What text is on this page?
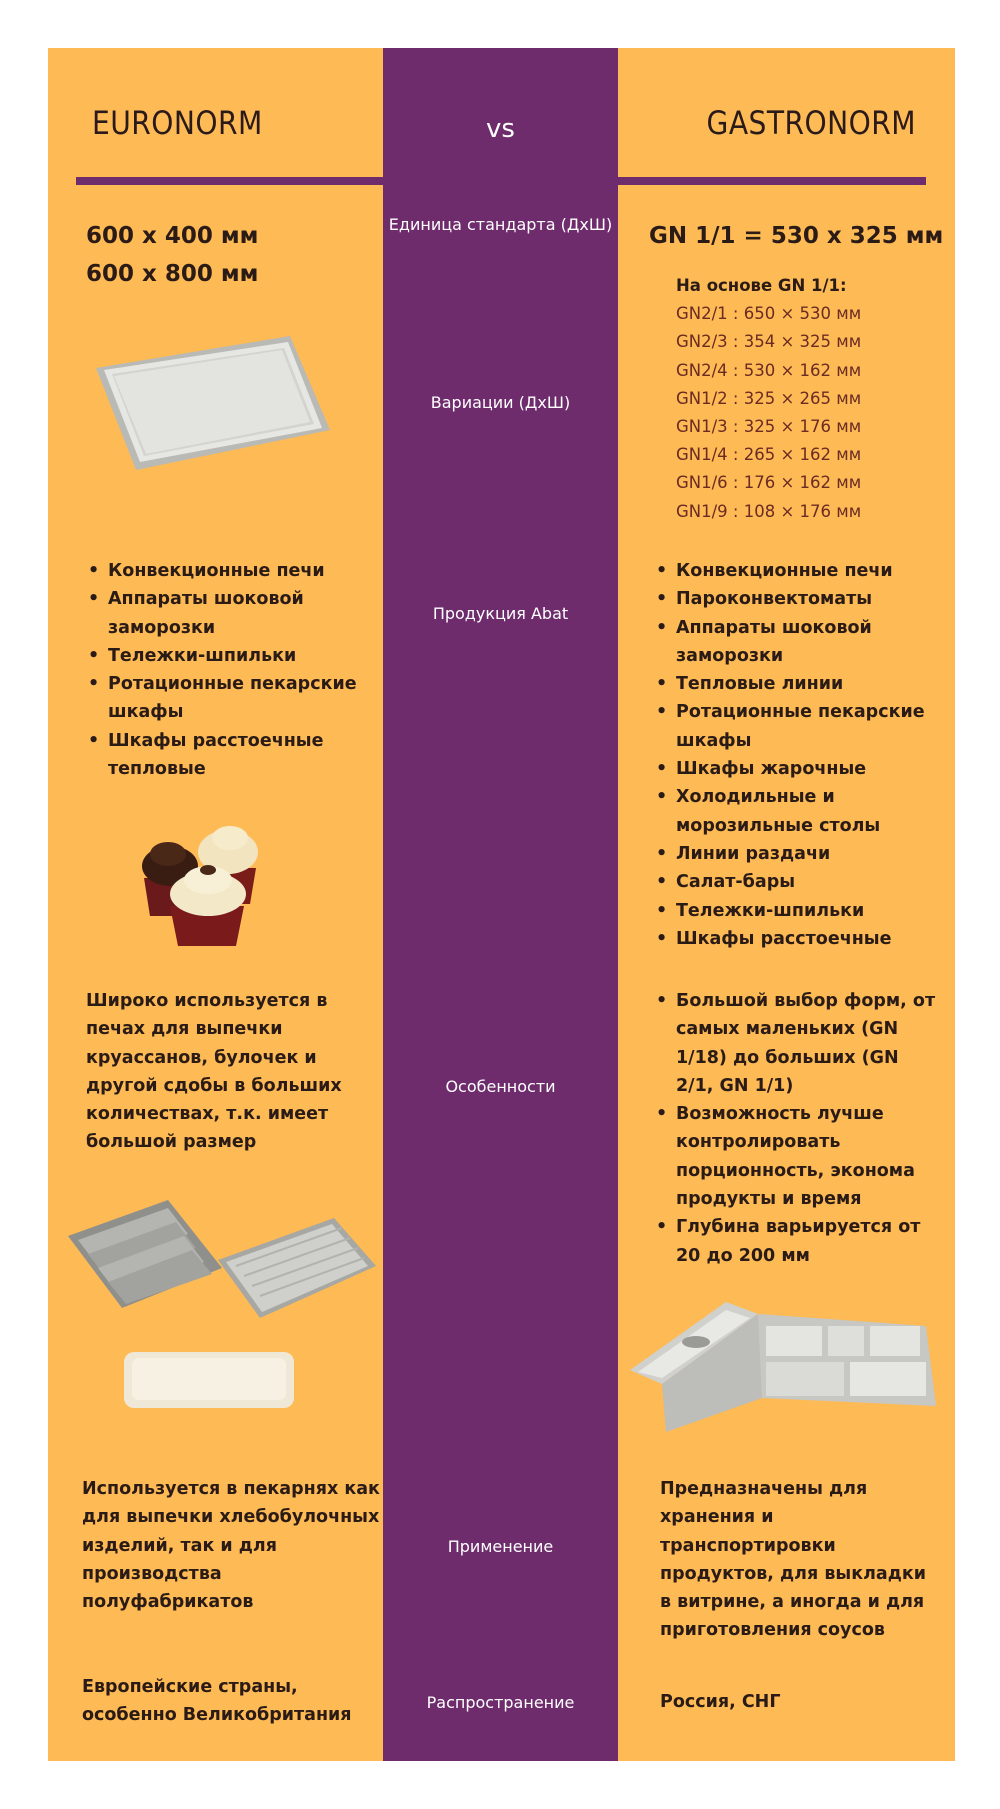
EURONORM	vs	GASTRONORM
Единица стандарта (ДхШ)
Вариации (ДхШ)
Продукция Abat
Особенности
Применение
Распространение
600 х 400 мм
600 х 800 мм
GN 1/1 = 530 х 325 мм
На основе GN 1/1:
GN2/1 : 650 × 530 мм
GN2/3 : 354 × 325 мм
GN2/4 : 530 × 162 мм
GN1/2 : 325 × 265 мм
GN1/3 : 325 × 176 мм
GN1/4 : 265 × 162 мм
GN1/6 : 176 × 162 мм
GN1/9 : 108 × 176 мм
• Конвекционные печи
• Аппараты шоковой заморозки
• Тележки-шпильки
• Ротационные пекарские шкафы
• Шкафы расстоечные тепловые
• Конвекционные печи
• Пароконвектоматы
• Аппараты шоковой заморозки
• Тепловые линии
• Ротационные пекарские шкафы
• Шкафы жарочные
• Холодильные и морозильные столы
• Линии раздачи
• Салат-бары
• Тележки-шпильки
• Шкафы расстоечные
Широко используется в печах для выпечки круассанов, булочек и другой сдобы в больших количествах, т.к. имеет большой размер
• Большой выбор форм, от самых маленьких (GN 1/18) до больших (GN 2/1, GN 1/1)
• Возможность лучше контролировать порционность, эконома продукты и время
• Глубина варьируется от 20 до 200 мм
Используется в пекарнях как для выпечки хлебобулочных изделий, так и для производства полуфабрикатов
Предназначены для хранения и транспортировки продуктов, для выкладки в витрине, а иногда и для приготовления соусов
Европейские страны, особенно Великобритания
Россия, СНГ
